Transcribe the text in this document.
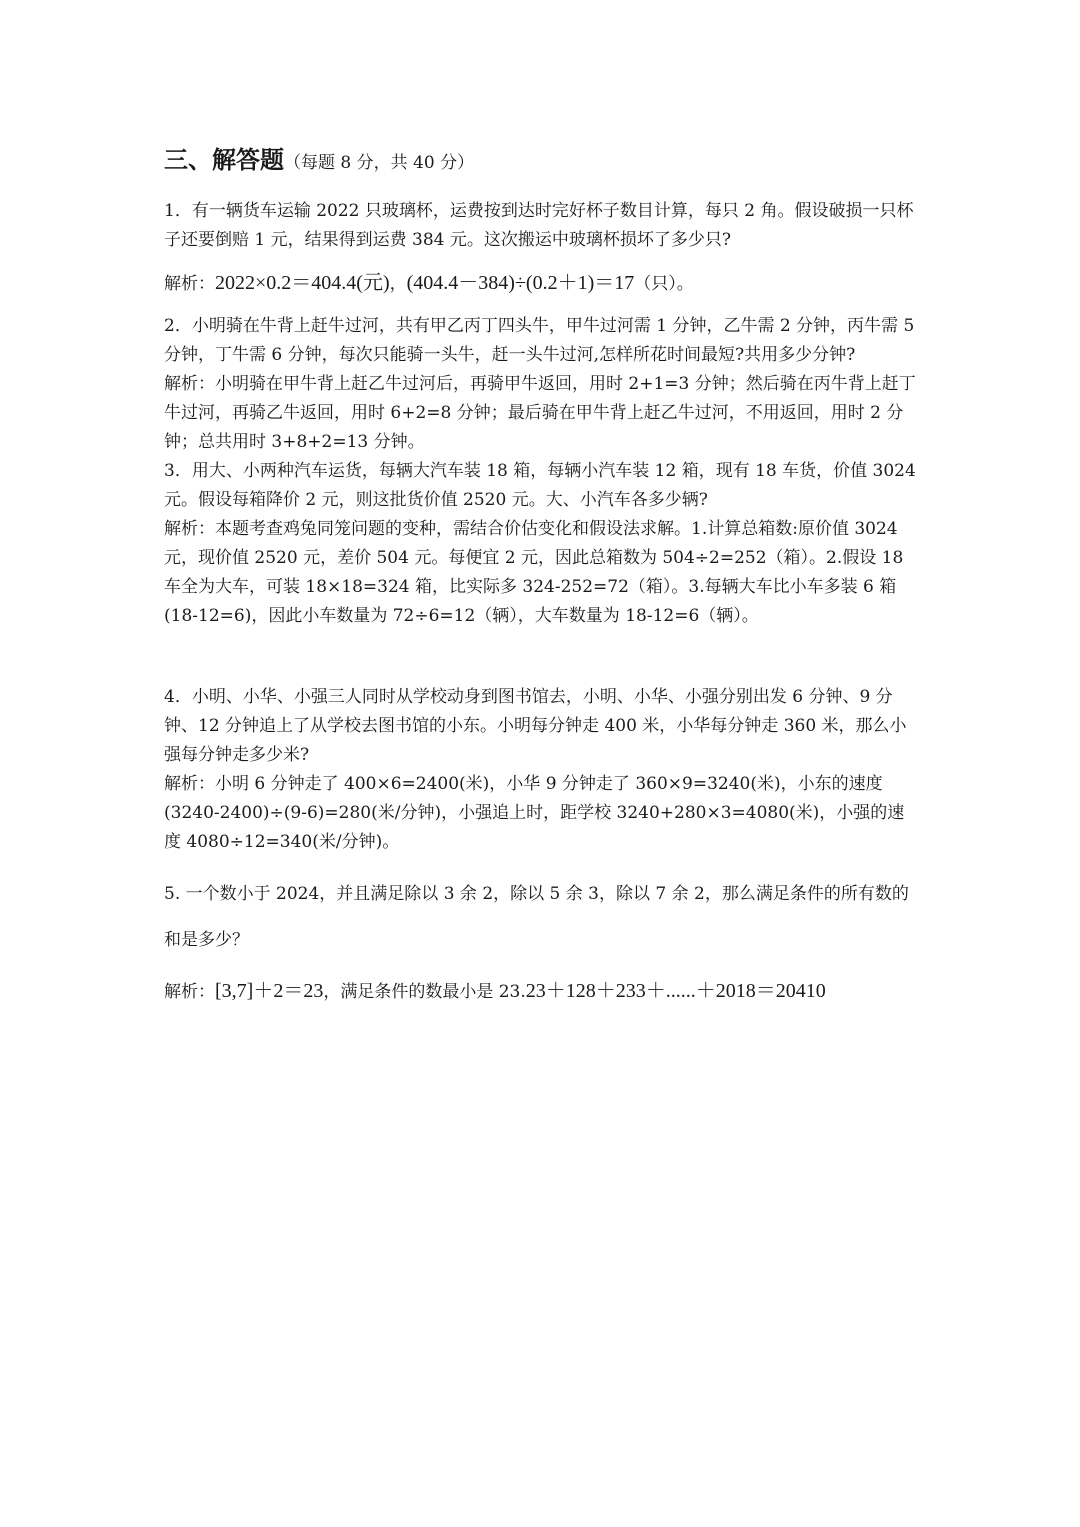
三、解答题（每题 8 分，共 40 分）

1．有一辆货车运输 2022 只玻璃杯，运费按到达时完好杯子数目计算，每只 2 角。假设破损一只杯子还要倒赔 1 元，结果得到运费 384 元。这次搬运中玻璃杯损坏了多少只?

解析：2022×0.2＝404.4(元)，(404.4－384)÷(0.2＋1)＝17（只）。

2．小明骑在牛背上赶牛过河，共有甲乙丙丁四头牛，甲牛过河需 1 分钟，乙牛需 2 分钟，丙牛需 5 分钟，丁牛需 6 分钟，每次只能骑一头牛，赶一头牛过河,怎样所花时间最短?共用多少分钟?

解析：小明骑在甲牛背上赶乙牛过河后，再骑甲牛返回，用时 2+1=3 分钟；然后骑在丙牛背上赶丁牛过河，再骑乙牛返回，用时 6+2=8 分钟；最后骑在甲牛背上赶乙牛过河，不用返回，用时 2 分钟；总共用时 3+8+2=13 分钟。

3．用大、小两种汽车运货，每辆大汽车装 18 箱，每辆小汽车装 12 箱，现有 18 车货，价值 3024 元。假设每箱降价 2 元，则这批货价值 2520 元。大、小汽车各多少辆?

解析：本题考查鸡兔同笼问题的变种，需结合价估变化和假设法求解。1.计算总箱数:原价值 3024 元，现价值 2520 元，差价 504 元。每便宜 2 元，因此总箱数为 504÷2=252（箱）。2.假设 18 车全为大车，可装 18×18=324 箱，比实际多 324-252=72（箱）。3.每辆大车比小车多装 6 箱(18-12=6)，因此小车数量为 72÷6=12（辆），大车数量为 18-12=6（辆）。

4．小明、小华、小强三人同时从学校动身到图书馆去，小明、小华、小强分别出发 6 分钟、9 分钟、12 分钟追上了从学校去图书馆的小东。小明每分钟走 400 米，小华每分钟走 360 米，那么小强每分钟走多少米?

解析：小明 6 分钟走了 400×6=2400(米)，小华 9 分钟走了 360×9=3240(米)，小东的速度(3240-2400)÷(9-6)=280(米/分钟)，小强追上时，距学校 3240+280×3=4080(米)，小强的速度 4080÷12=340(米/分钟)。

5. 一个数小于 2024，并且满足除以 3 余 2，除以 5 余 3，除以 7 余 2，那么满足条件的所有数的和是多少？

解析：[3,7]＋2＝23，满足条件的数最小是 23.23＋128＋233＋......＋2018＝20410
